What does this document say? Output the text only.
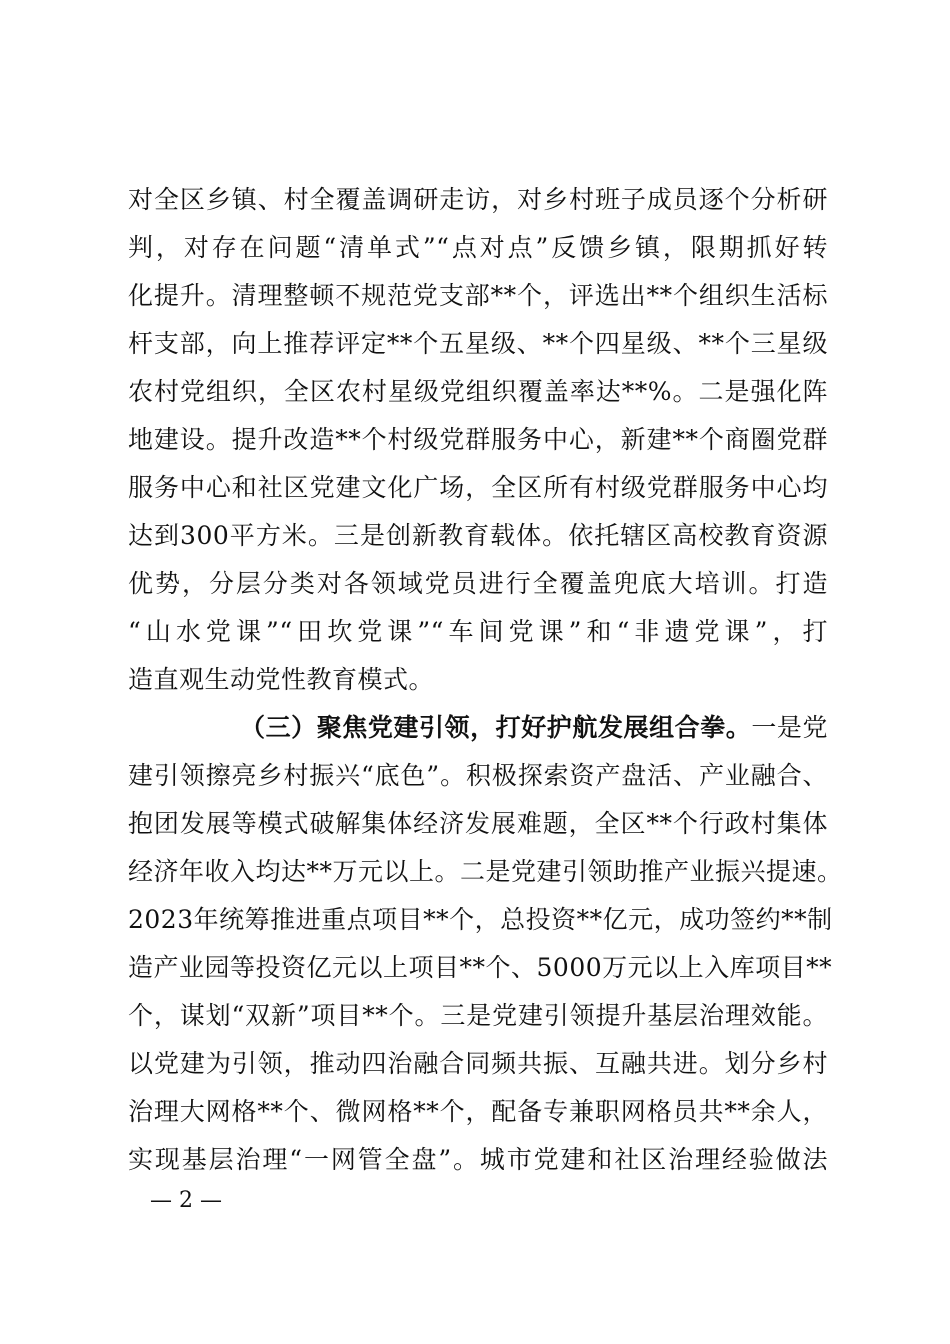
对全区乡镇、村全覆盖调研走访，对乡村班子成员逐个分析研
判，对存在问题“清单式”“点对点”反馈乡镇，限期抓好转
化提升。清理整顿不规范党支部**个，评选出**个组织生活标
杆支部，向上推荐评定**个五星级、**个四星级、**个三星级
农村党组织，全区农村星级党组织覆盖率达**%。二是强化阵
地建设。提升改造**个村级党群服务中心，新建**个商圈党群
服务中心和社区党建文化广场，全区所有村级党群服务中心均
达到300平方米。三是创新教育载体。依托辖区高校教育资源
优势，分层分类对各领域党员进行全覆盖兜底大培训。打造
“山水党课”“田坎党课”“车间党课”和“非遗党课”，打
造直观生动党性教育模式。
（三）聚焦党建引领，打好护航发展组合拳。一是党
建引领擦亮乡村振兴“底色”。积极探索资产盘活、产业融合、
抱团发展等模式破解集体经济发展难题，全区**个行政村集体
经济年收入均达**万元以上。二是党建引领助推产业振兴提速。
2023年统筹推进重点项目**个，总投资**亿元，成功签约**制
造产业园等投资亿元以上项目**个、5000万元以上入库项目**
个，谋划“双新”项目**个。三是党建引领提升基层治理效能。
以党建为引领，推动四治融合同频共振、互融共进。划分乡村
治理大网格**个、微网格**个，配备专兼职网格员共**余人，
实现基层治理“一网管全盘”。城市党建和社区治理经验做法
— 2 —
